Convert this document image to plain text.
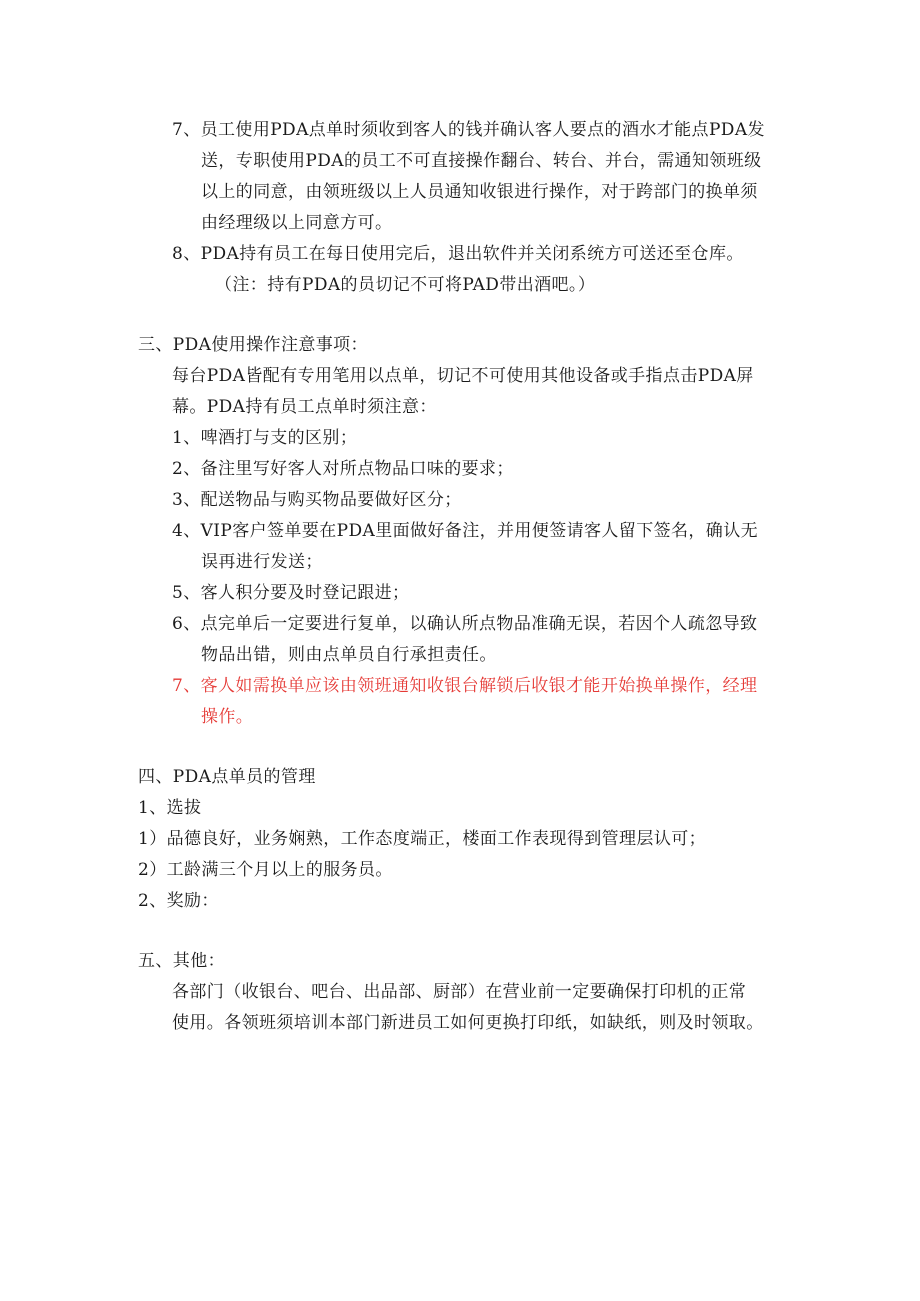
7、员工使用PDA点单时须收到客人的钱并确认客人要点的酒水才能点PDA发
送，专职使用PDA的员工不可直接操作翻台、转台、并台，需通知领班级
以上的同意，由领班级以上人员通知收银进行操作，对于跨部门的换单须
由经理级以上同意方可。
8、PDA持有员工在每日使用完后，退出软件并关闭系统方可送还至仓库。
（注：持有PDA的员切记不可将PAD带出酒吧。）
三、PDA使用操作注意事项：
每台PDA皆配有专用笔用以点单，切记不可使用其他设备或手指点击PDA屏
幕。PDA持有员工点单时须注意：
1、啤酒打与支的区别；
2、备注里写好客人对所点物品口味的要求；
3、配送物品与购买物品要做好区分；
4、VIP客户签单要在PDA里面做好备注，并用便签请客人留下签名，确认无
误再进行发送；
5、客人积分要及时登记跟进；
6、点完单后一定要进行复单，以确认所点物品准确无误，若因个人疏忽导致
物品出错，则由点单员自行承担责任。
7、客人如需换单应该由领班通知收银台解锁后收银才能开始换单操作，经理
操作。
四、PDA点单员的管理
1、选拔
1）品德良好，业务娴熟，工作态度端正，楼面工作表现得到管理层认可；
2）工龄满三个月以上的服务员。
2、奖励：
五、其他：
各部门（收银台、吧台、出品部、厨部）在营业前一定要确保打印机的正常
使用。各领班须培训本部门新进员工如何更换打印纸，如缺纸，则及时领取。
